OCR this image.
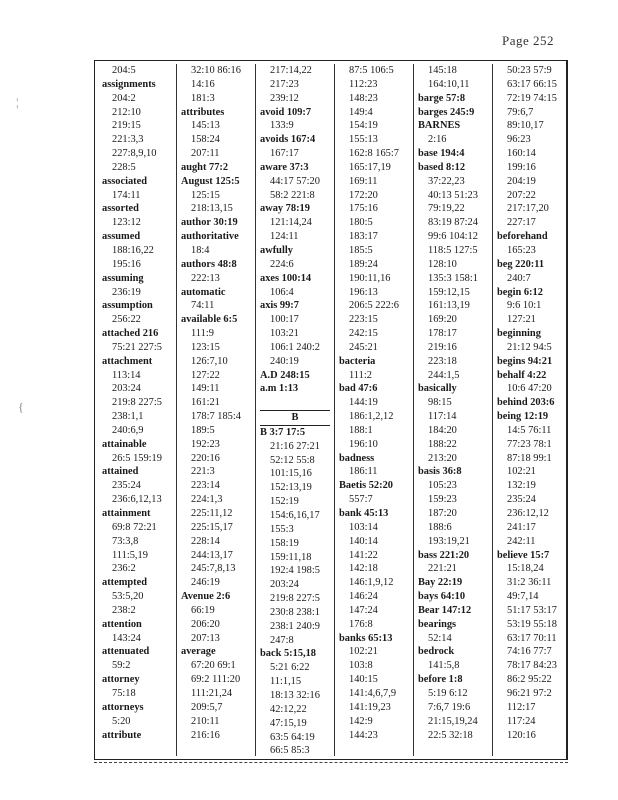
Page 252
¦
{
204:5
assignments
204:2
212:10
219:15
221:3,3
227:8,9,10
228:5
associated
174:11
assorted
123:12
assumed
188:16,22
195:16
assuming
236:19
assumption
256:22
attached 216
75:21 227:5
attachment
113:14
203:24
219:8 227:5
238:1,1
240:6,9
attainable
26:5 159:19
attained
235:24
236:6,12,13
attainment
69:8 72:21
73:3,8
111:5,19
236:2
attempted
53:5,20
238:2
attention
143:24
attenuated
59:2
attorney
75:18
attorneys
5:20
attribute
32:10 86:16
14:16
181:3
attributes
145:13
158:24
207:11
aught 77:2
August 125:5
125:15
218:13,15
author 30:19
authoritative
18:4
authors 48:8
222:13
automatic
74:11
available 6:5
111:9
123:15
126:7,10
127:22
149:11
161:21
178:7 185:4
189:5
192:23
220:16
221:3
223:14
224:1,3
225:11,12
225:15,17
228:14
244:13,17
245:7,8,13
246:19
Avenue 2:6
66:19
206:20
207:13
average
67:20 69:1
69:2 111:20
111:21,24
209:5,7
210:11
216:16
217:14,22
217:23
239:12
avoid 109:7
133:9
avoids 167:4
167:17
aware 37:3
44:17 57:20
58:2 221:8
away 78:19
121:14,24
124:11
awfully
224:6
axes 100:14
106:4
axis 99:7
100:17
103:21
106:1 240:2
240:19
A.D 248:15
a.m 1:13
B
B 3:7 17:5
21:16 27:21
52:12 55:8
101:15,16
152:13,19
152:19
154:6,16,17
155:3
158:19
159:11,18
192:4 198:5
203:24
219:8 227:5
230:8 238:1
238:1 240:9
247:8
back 5:15,18
5:21 6:22
11:1,15
18:13 32:16
42:12,22
47:15,19
63:5 64:19
66:5 85:3
87:5 106:5
112:23
148:23
149:4
154:19
155:13
162:8 165:7
165:17,19
169:11
172:20
175:16
180:5
183:17
185:5
189:24
190:11,16
196:13
206:5 222:6
223:15
242:15
245:21
bacteria
111:2
bad 47:6
144:19
186:1,2,12
188:1
196:10
badness
186:11
Baetis 52:20
557:7
bank 45:13
103:14
140:14
141:22
142:18
146:1,9,12
146:24
147:24
176:8
banks 65:13
102:21
103:8
140:15
141:4,6,7,9
141:19,23
142:9
144:23
145:18
164:10,11
barge 57:8
barges 245:9
BARNES
2:16
base 194:4
based 8:12
37:22,23
40:13 51:23
79:19,22
83:19 87:24
99:6 104:12
118:5 127:5
128:10
135:3 158:1
159:12,15
161:13,19
169:20
178:17
219:16
223:18
244:1,5
basically
98:15
117:14
184:20
188:22
213:20
basis 36:8
105:23
159:23
187:20
188:6
193:19,21
bass 221:20
221:21
Bay 22:19
bays 64:10
Bear 147:12
bearings
52:14
bedrock
141:5,8
before 1:8
5:19 6:12
7:6,7 19:6
21:15,19,24
22:5 32:18
50:23 57:9
63:17 66:15
72:19 74:15
79:6,7
89:10,17
96:23
160:14
199:16
204:19
207:22
217:17,20
227:17
beforehand
165:23
beg 220:11
240:7
begin 6:12
9:6 10:1
127:21
beginning
21:12 94:5
begins 94:21
behalf 4:22
10:6 47:20
behind 203:6
being 12:19
14:5 76:11
77:23 78:1
87:18 99:1
102:21
132:19
235:24
236:12,12
241:17
242:11
believe 15:7
15:18,24
31:2 36:11
49:7,14
51:17 53:17
53:19 55:18
63:17 70:11
74:16 77:7
78:17 84:23
86:2 95:22
96:21 97:2
112:17
117:24
120:16
